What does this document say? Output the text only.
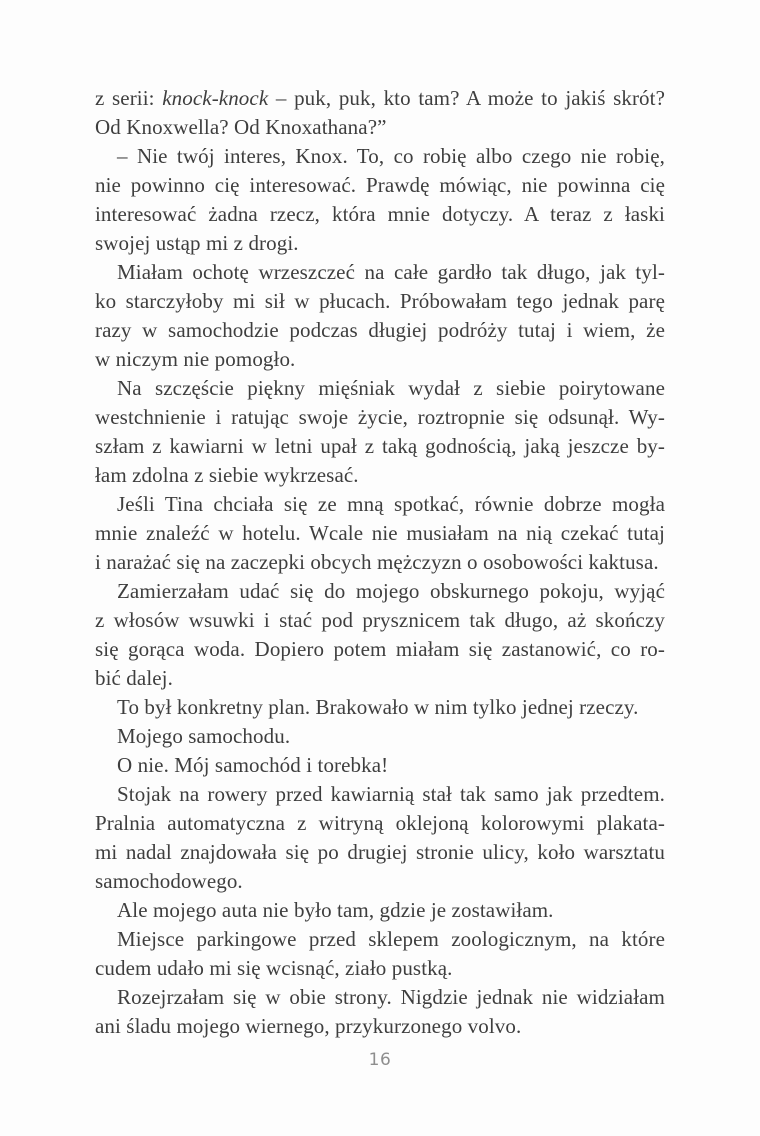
z serii: knock-knock – puk, puk, kto tam? A może to jakiś skrót?
Od Knoxwella? Od Knoxathana?”
– Nie twój interes, Knox. To, co robię albo czego nie robię,
nie powinno cię interesować. Prawdę mówiąc, nie powinna cię
interesować żadna rzecz, która mnie dotyczy. A teraz z łaski
swojej ustąp mi z drogi.
Miałam ochotę wrzeszczeć na całe gardło tak długo, jak tyl-
ko starczyłoby mi sił w płucach. Próbowałam tego jednak parę
razy w samochodzie podczas długiej podróży tutaj i wiem, że
w niczym nie pomogło.
Na szczęście piękny mięśniak wydał z siebie poirytowane
westchnienie i ratując swoje życie, roztropnie się odsunął. Wy-
szłam z kawiarni w letni upał z taką godnością, jaką jeszcze by-
łam zdolna z siebie wykrzesać.
Jeśli Tina chciała się ze mną spotkać, równie dobrze mogła
mnie znaleźć w hotelu. Wcale nie musiałam na nią czekać tutaj
i narażać się na zaczepki obcych mężczyzn o osobowości kaktusa.
Zamierzałam udać się do mojego obskurnego pokoju, wyjąć
z włosów wsuwki i stać pod prysznicem tak długo, aż skończy
się gorąca woda. Dopiero potem miałam się zastanowić, co ro-
bić dalej.
To był konkretny plan. Brakowało w nim tylko jednej rzeczy.
Mojego samochodu.
O nie. Mój samochód i torebka!
Stojak na rowery przed kawiarnią stał tak samo jak przedtem.
Pralnia automatyczna z witryną oklejoną kolorowymi plakata-
mi nadal znajdowała się po drugiej stronie ulicy, koło warsztatu
samochodowego.
Ale mojego auta nie było tam, gdzie je zostawiłam.
Miejsce parkingowe przed sklepem zoologicznym, na które
cudem udało mi się wcisnąć, ziało pustką.
Rozejrzałam się w obie strony. Nigdzie jednak nie widziałam
ani śladu mojego wiernego, przykurzonego volvo.
16
